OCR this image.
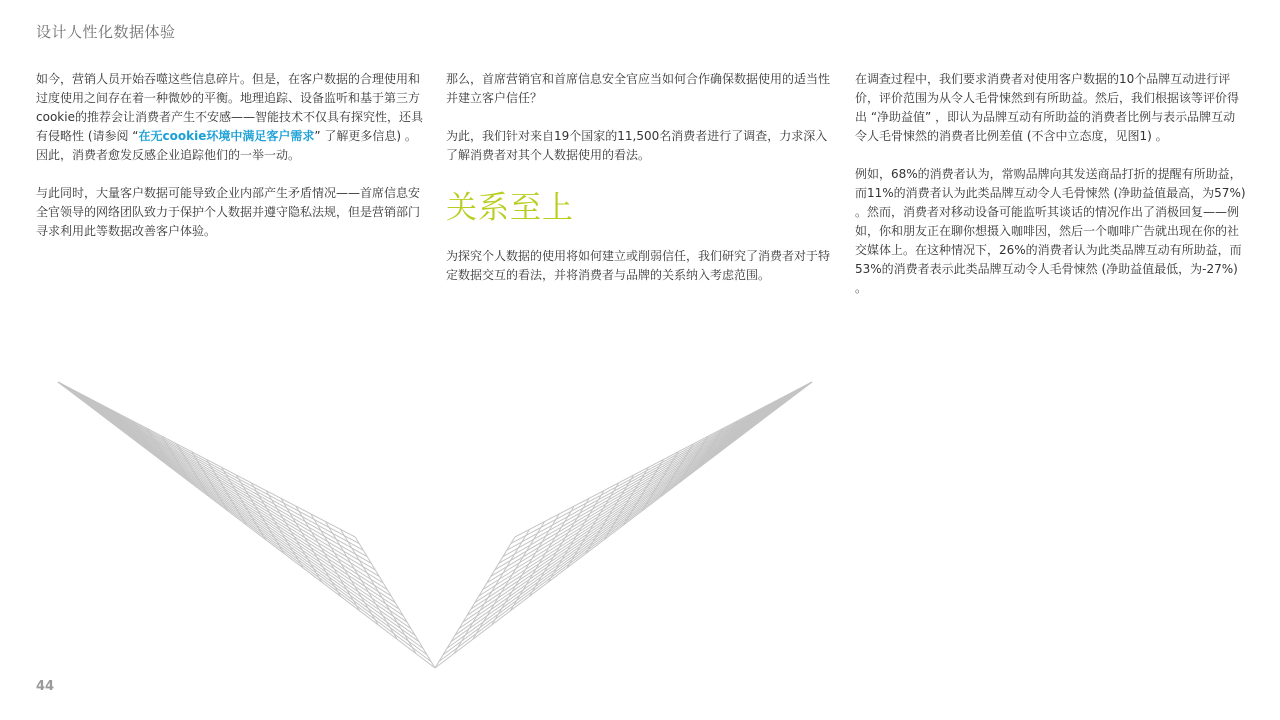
设计人性化数据体验

如今，营销人员开始吞噬这些信息碎片。但是，在客户数据的合理使用和过度使用之间存在着一种微妙的平衡。地理追踪、设备监听和基于第三方cookie的推荐会让消费者产生不安感——智能技术不仅具有探究性，还具有侵略性 (请参阅 “在无cookie环境中满足客户需求” 了解更多信息) 。因此，消费者愈发反感企业追踪他们的一举一动。

与此同时，大量客户数据可能导致企业内部产生矛盾情况——首席信息安全官领导的网络团队致力于保护个人数据并遵守隐私法规，但是营销部门寻求利用此等数据改善客户体验。

那么，首席营销官和首席信息安全官应当如何合作确保数据使用的适当性并建立客户信任？

为此，我们针对来自19个国家的11,500名消费者进行了调查，力求深入了解消费者对其个人数据使用的看法。

关系至上

为探究个人数据的使用将如何建立或削弱信任，我们研究了消费者对于特定数据交互的看法，并将消费者与品牌的关系纳入考虑范围。

在调查过程中，我们要求消费者对使用客户数据的10个品牌互动进行评价，评价范围为从令人毛骨悚然到有所助益。然后，我们根据该等评价得出 “净助益值” ，即认为品牌互动有所助益的消费者比例与表示品牌互动令人毛骨悚然的消费者比例差值 (不含中立态度，见图1) 。

例如，68%的消费者认为，常购品牌向其发送商品打折的提醒有所助益，而11%的消费者认为此类品牌互动令人毛骨悚然 (净助益值最高，为57%) 。然而，消费者对移动设备可能监听其谈话的情况作出了消极回复——例如，你和朋友正在聊你想摄入咖啡因，然后一个咖啡广告就出现在你的社交媒体上。在这种情况下，26%的消费者认为此类品牌互动有所助益，而53%的消费者表示此类品牌互动令人毛骨悚然 (净助益值最低，为-27%) 。

44
